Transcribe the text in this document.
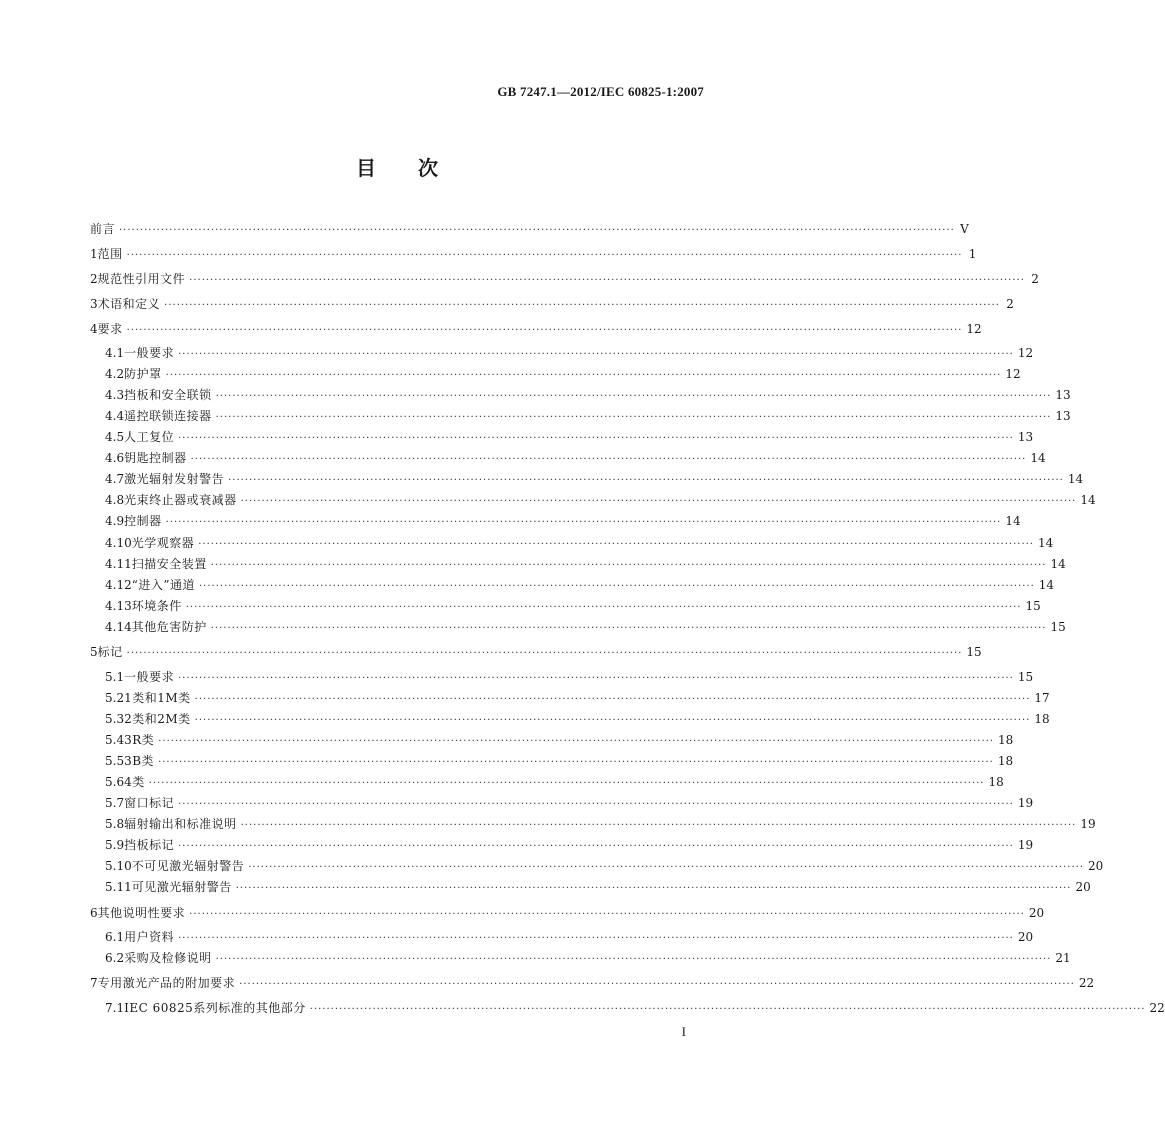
GB 7247.1—2012/IEC 60825-1:2007
目 次
前言 ········································································································································································································ V
1 范围 ········································································································································································································ 1
2 规范性引用文件 ········································································································································································································ 2
3 术语和定义 ········································································································································································································ 2
4 要求 ········································································································································································································ 12
4.1 一般要求 ········································································································································································································ 12
4.2 防护罩 ········································································································································································································ 12
4.3 挡板和安全联锁 ········································································································································································································ 13
4.4 遥控联锁连接器 ········································································································································································································ 13
4.5 人工复位 ········································································································································································································ 13
4.6 钥匙控制器 ········································································································································································································ 14
4.7 激光辐射发射警告 ········································································································································································································ 14
4.8 光束终止器或衰减器 ········································································································································································································ 14
4.9 控制器 ········································································································································································································ 14
4.10 光学观察器 ········································································································································································································ 14
4.11 扫描安全装置 ········································································································································································································ 14
4.12 “进入”通道 ········································································································································································································ 14
4.13 环境条件 ········································································································································································································ 15
4.14 其他危害防护 ········································································································································································································ 15
5 标记 ········································································································································································································ 15
5.1 一般要求 ········································································································································································································ 15
5.2 1类和1M类 ········································································································································································································ 17
5.3 2类和2M类 ········································································································································································································ 18
5.4 3R类 ········································································································································································································ 18
5.5 3B类 ········································································································································································································ 18
5.6 4类 ········································································································································································································ 18
5.7 窗口标记 ········································································································································································································ 19
5.8 辐射输出和标准说明 ········································································································································································································ 19
5.9 挡板标记 ········································································································································································································ 19
5.10 不可见激光辐射警告 ········································································································································································································ 20
5.11 可见激光辐射警告 ········································································································································································································ 20
6 其他说明性要求 ········································································································································································································ 20
6.1 用户资料 ········································································································································································································ 20
6.2 采购及检修说明 ········································································································································································································ 21
7 专用激光产品的附加要求 ········································································································································································································ 22
7.1 IEC 60825系列标准的其他部分 ········································································································································································································ 22
I
